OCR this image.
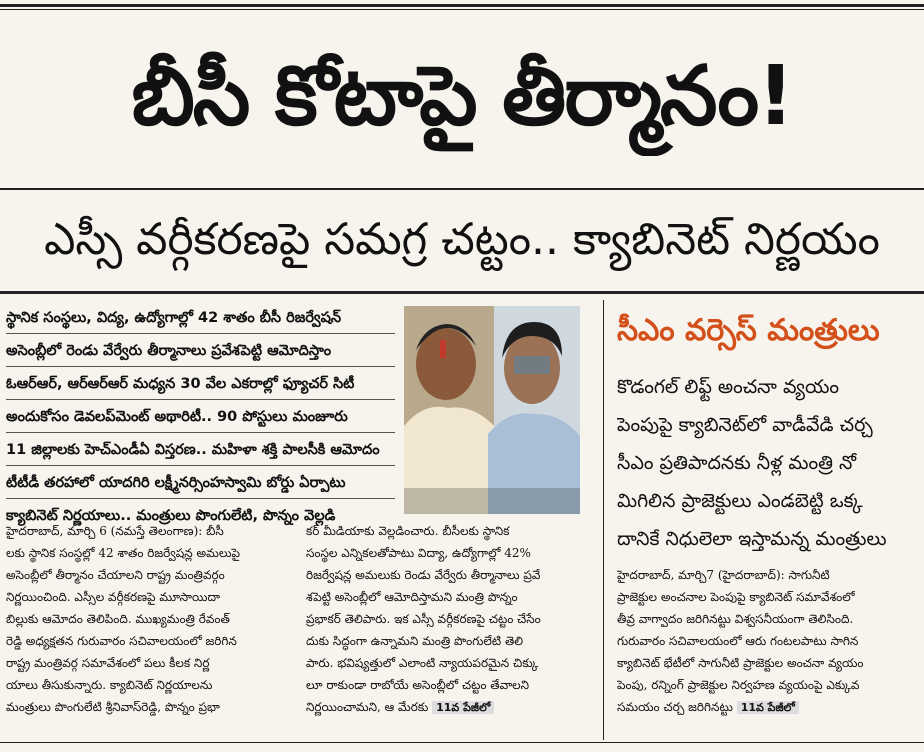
బీసీ కోటాపై తీర్మానం!
ఎస్సీ వర్గీకరణపై సమగ్ర చట్టం.. క్యాబినెట్ నిర్ణయం
స్థానిక సంస్థలు, విద్య, ఉద్యోగాల్లో 42 శాతం బీసీ రిజర్వేషన్
అసెంబ్లీలో రెండు వేర్వేరు తీర్మానాలు ప్రవేశపెట్టి ఆమోదిస్తాం
ఓఆర్ఆర్, ఆర్ఆర్ఆర్ మధ్యన 30 వేల ఎకరాల్లో ఫ్యూచర్ సిటీ
అందుకోసం డెవలప్‌మెంట్ అథారిటీ.. 90 పోస్టులు మంజూరు
11 జిల్లాలకు హెచ్ఎండీఏ విస్తరణ.. మహిళా శక్తి పాలసీకి ఆమోదం
టీటీడీ తరహాలో యాదగిరి లక్ష్మీనర్సింహస్వామి బోర్డు ఏర్పాటు
క్యాబినెట్ నిర్ణయాలు.. మంత్రులు పొంగులేటి, పొన్నం వెల్లడి

హైదరాబాద్, మార్చి 6 (నమస్తే తెలంగాణ): బీసీ

లకు స్థానిక సంస్థల్లో 42 శాతం రిజర్వేషన్ల అమలుపై

అసెంబ్లీలో తీర్మానం చేయాలని రాష్ట్ర మంత్రివర్గం

నిర్ణయించింది. ఎస్సీల వర్గీకరణపై మూసాయిదా

బిల్లుకు ఆమోదం తెలిపింది. ముఖ్యమంత్రి రేవంత్

రెడ్డి అధ్యక్షతన గురువారం సచివాలయంలో జరిగిన

రాష్ట్ర మంత్రివర్గ సమావేశంలో పలు కీలక నిర్ణ

యాలు తీసుకున్నారు. క్యాబినెట్ నిర్ణయాలను

మంత్రులు పొంగులేటి శ్రీనివాస్‌రెడ్డి, పొన్నం ప్రభా

కర్ మీడియాకు వెల్లడించారు. బీసీలకు స్థానిక

సంస్థల ఎన్నికలతోపాటు విద్యా, ఉద్యోగాల్లో 42%

రిజర్వేషన్ల అమలుకు రెండు వేర్వేరు తీర్మానాలు ప్రవే

శపెట్టి అసెంబ్లీలో ఆమోదిస్తామని మంత్రి పొన్నం

ప్రభాకర్ తెలిపారు. ఇక ఎస్సీ వర్గీకరణపై చట్టం చేసేం

దుకు సిద్ధంగా ఉన్నామని మంత్రి పొంగులేటి తెలి

పారు. భవిష్యత్తులో ఎలాంటి న్యాయపరమైన చిక్కు

లూ రాకుండా రాబోయే అసెంబ్లీలో చట్టం తేవాలని

నిర్ణయించామని, ఆ మేరకు 11వ పేజీలో

సీఎం వర్సెస్ మంత్రులు
కొడంగల్ లిఫ్ట్ అంచనా వ్యయం
పెంపుపై క్యాబినెట్‌లో వాడీవేడి చర్చ
సీఎం ప్రతిపాదనకు నీళ్ల మంత్రి నో
మిగిలిన ప్రాజెక్టులు ఎండబెట్టి ఒక్క
దానికే నిధులెలా ఇస్తామన్న మంత్రులు

హైదరాబాద్, మార్చి7 (హైదరాబాద్): సాగునీటి

ప్రాజెక్టుల అంచనాల పెంపుపై క్యాబినెట్ సమావేశంలో

తీవ్ర వాగ్వాదం జరిగినట్టు విశ్వసనీయంగా తెలిసింది.

గురువారం సచివాలయంలో ఆరు గంటలపాటు సాగిన

క్యాబినెట్ భేటీలో సాగునీటి ప్రాజెక్టుల అంచనా వ్యయం

పెంపు, రన్నింగ్ ప్రాజెక్టుల నిర్వహణ వ్యయంపై ఎక్కువ

సమయం చర్చ జరిగినట్టు 11వ పేజీలో
